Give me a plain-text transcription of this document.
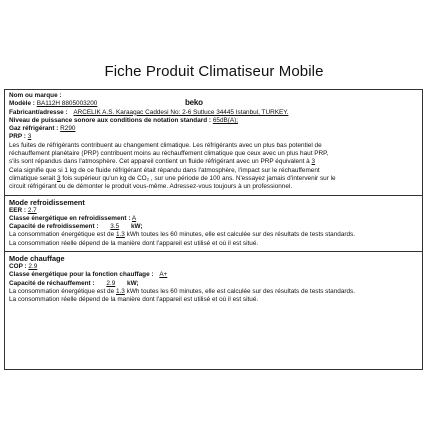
Fiche Produit Climatiseur Mobile
Nom ou marque :
Modèle : BA112H 8805003200	beko
Fabricant/adresse : ARCELIK A.S. Karaagac Caddesi No: 2-6 Sutluce 34445 Istanbul, TURKEY.
Niveau de puissance sonore aux conditions de notation standard : 65dB(A);
Gaz réfrigérant : R290
PRP : 3
Les fuites de réfrigérants contribuent au changement climatique. Les réfrigérants avec un plus bas potentiel de
réchauffement planétaire (PRP) contribuent moins au réchauffement climatique que ceux avec un plus haut PRP,
s'ils sont répandus dans l'atmosphère. Cet appareil contient un fluide réfrigérant avec un PRP équivalent à 3
Cela signifie que si 1 kg de ce fluide réfrigérant était répandu dans l'atmosphère, l'impact sur le réchauffement
climatique serait 3 fois supérieur qu'un kg de CO₂ , sur une période de 100 ans. N'essayez jamais d'intervenir sur le
circuit réfrigérant ou de démonter le produit vous-même. Adressez-vous toujours à un professionnel.
Mode refroidissement
EER : 2.7
Classe énergétique en refroidissement : A
Capacité de refroidissement : 3.5 kW;
La consommation énergétique est de 1.3 kWh toutes les 60 minutes, elle est calculée sur des résultats de tests standards.
La consommation réelle dépend de la manière dont l'appareil est utilisé et où il est situé.
Mode chauffage
COP : 2.9
Classe énergétique pour la fonction chauffage : A+
Capacité de réchauffement : 2.9 kW;
La consommation énergétique est de 1.3 kWh toutes les 60 minutes, elle est calculée sur des résultats de tests standards.
La consommation réelle dépend de la manière dont l'appareil est utilisé et où il est situé.
